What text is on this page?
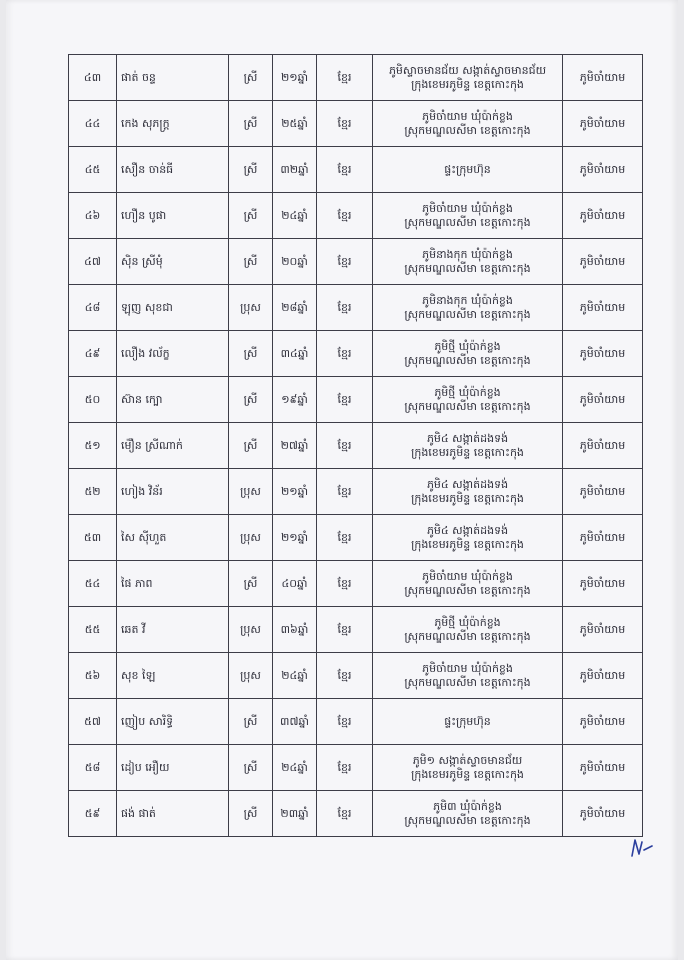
៤៣	ផាត់ ចន្ទ	ស្រី	២១ឆ្នាំ	ខ្មែរ	ភូមិស្ទាចមានជ័យ សង្កាត់ស្ទាចមានជ័យ
ក្រុងខេមរភូមិន្ទ ខេត្តកោះកុង	ភូមិចាំយាម
៤៤	កេង សុភក្ត្រ	ស្រី	២៥ឆ្នាំ	ខ្មែរ	ភូមិចាំយាម ឃុំប៉ាក់ខ្លង
ស្រុកមណ្ឌលសីមា ខេត្តកោះកុង	ភូមិចាំយាម
៤៥	សឿន ចាន់ធី	ស្រី	៣២ឆ្នាំ	ខ្មែរ	ផ្ទះក្រុមហ៊ុន	ភូមិចាំយាម
៤៦	ហឿន បូផា	ស្រី	២៤ឆ្នាំ	ខ្មែរ	ភូមិចាំយាម ឃុំប៉ាក់ខ្លង
ស្រុកមណ្ឌលសីមា ខេត្តកោះកុង	ភូមិចាំយាម
៤៧	ស៊ិន ស្រីមុំ	ស្រី	២០ឆ្នាំ	ខ្មែរ	ភូមិនាងកុក ឃុំប៉ាក់ខ្លង
ស្រុកមណ្ឌលសីមា ខេត្តកោះកុង	ភូមិចាំយាម
៤៨	ឡុញ សុខជា	ប្រុស	២៨ឆ្នាំ	ខ្មែរ	ភូមិនាងកុក ឃុំប៉ាក់ខ្លង
ស្រុកមណ្ឌលសីមា ខេត្តកោះកុង	ភូមិចាំយាម
៤៩	លឿង វល័ក្ខ	ស្រី	៣៤ឆ្នាំ	ខ្មែរ	ភូមិថ្មី ឃុំប៉ាក់ខ្លង
ស្រុកមណ្ឌលសីមា ខេត្តកោះកុង	ភូមិចាំយាម
៥០	ស៊ាន ក្បោ	ស្រី	១៩ឆ្នាំ	ខ្មែរ	ភូមិថ្មី ឃុំប៉ាក់ខ្លង
ស្រុកមណ្ឌលសីមា ខេត្តកោះកុង	ភូមិចាំយាម
៥១	ម៉ឿន ស្រីណាក់	ស្រី	២៧ឆ្នាំ	ខ្មែរ	ភូមិ៤ សង្កាត់ដងទង់
ក្រុងខេមរភូមិន្ទ ខេត្តកោះកុង	ភូមិចាំយាម
៥២	ហៀង វិន័រ	ប្រុស	២១ឆ្នាំ	ខ្មែរ	ភូមិ៤ សង្កាត់ដងទង់
ក្រុងខេមរភូមិន្ទ ខេត្តកោះកុង	ភូមិចាំយាម
៥៣	សៃ ស៊ីហួត	ប្រុស	២១ឆ្នាំ	ខ្មែរ	ភូមិ៤ សង្កាត់ដងទង់
ក្រុងខេមរភូមិន្ទ ខេត្តកោះកុង	ភូមិចាំយាម
៥៤	ផៃ ភាព	ស្រី	៤០ឆ្នាំ	ខ្មែរ	ភូមិចាំយាម ឃុំប៉ាក់ខ្លង
ស្រុកមណ្ឌលសីមា ខេត្តកោះកុង	ភូមិចាំយាម
៥៥	ឆេត វី	ប្រុស	៣៦ឆ្នាំ	ខ្មែរ	ភូមិថ្មី ឃុំប៉ាក់ខ្លង
ស្រុកមណ្ឌលសីមា ខេត្តកោះកុង	ភូមិចាំយាម
៥៦	សុខ ឡៃ	ប្រុស	២៤ឆ្នាំ	ខ្មែរ	ភូមិចាំយាម ឃុំប៉ាក់ខ្លង
ស្រុកមណ្ឌលសីមា ខេត្តកោះកុង	ភូមិចាំយាម
៥៧	ញៀប សារិទ្ធិ	ស្រី	៣៧ឆ្នាំ	ខ្មែរ	ផ្ទះក្រុមហ៊ុន	ភូមិចាំយាម
៥៨	ដៀប អឿយ	ស្រី	២៤ឆ្នាំ	ខ្មែរ	ភូមិ១ សង្កាត់ស្ទាចមានជ័យ
ក្រុងខេមរភូមិន្ទ ខេត្តកោះកុង	ភូមិចាំយាម
៥៩	ផង់ ផាត់	ស្រី	២៣ឆ្នាំ	ខ្មែរ	ភូមិ៣ ឃុំប៉ាក់ខ្លង
ស្រុកមណ្ឌលសីមា ខេត្តកោះកុង	ភូមិចាំយាម
